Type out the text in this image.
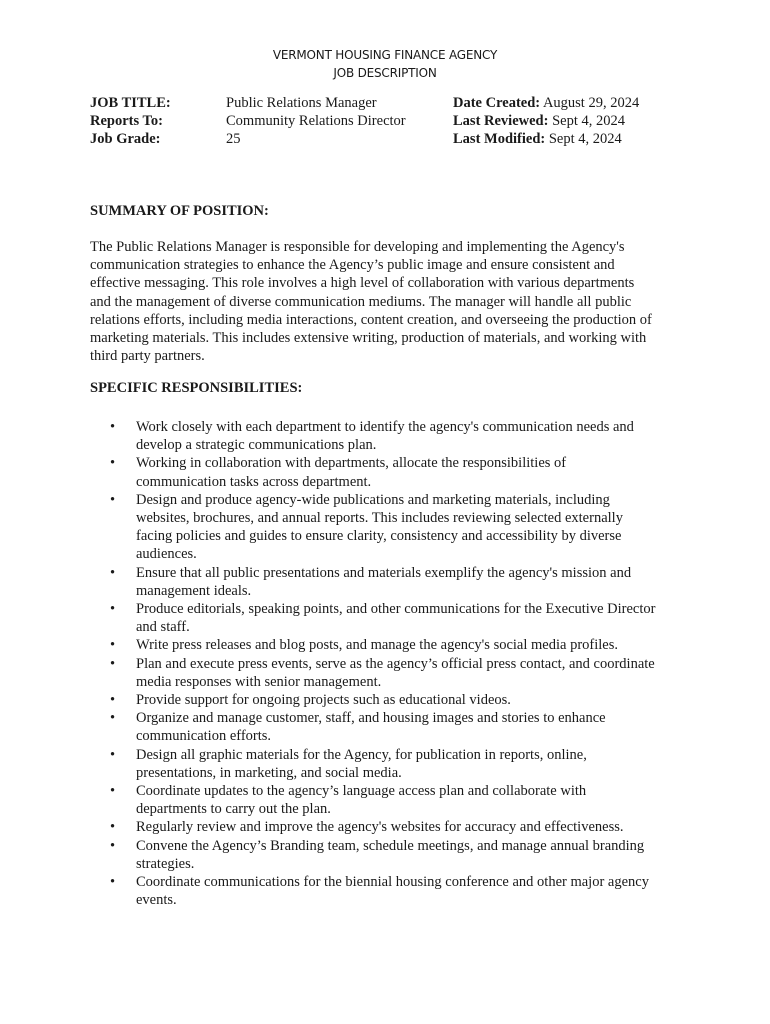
VERMONT HOUSING FINANCE AGENCY
JOB DESCRIPTION
JOB TITLE:	Public Relations Manager	Date Created: August 29, 2024
Reports To:	Community Relations Director	Last Reviewed: Sept 4, 2024
Job Grade:	25	Last Modified: Sept 4, 2024
SUMMARY OF POSITION:
The Public Relations Manager is responsible for developing and implementing the Agency's
communication strategies to enhance the Agency’s public image and ensure consistent and
effective messaging. This role involves a high level of collaboration with various departments
and the management of diverse communication mediums. The manager will handle all public
relations efforts, including media interactions, content creation, and overseeing the production of
marketing materials. This includes extensive writing, production of materials, and working with
third party partners.
SPECIFIC RESPONSIBILITIES:
• Work closely with each department to identify the agency's communication needs and
develop a strategic communications plan.
• Working in collaboration with departments, allocate the responsibilities of
communication tasks across department.
• Design and produce agency-wide publications and marketing materials, including
websites, brochures, and annual reports. This includes reviewing selected externally
facing policies and guides to ensure clarity, consistency and accessibility by diverse
audiences.
• Ensure that all public presentations and materials exemplify the agency's mission and
management ideals.
• Produce editorials, speaking points, and other communications for the Executive Director
and staff.
• Write press releases and blog posts, and manage the agency's social media profiles.
• Plan and execute press events, serve as the agency’s official press contact, and coordinate
media responses with senior management.
• Provide support for ongoing projects such as educational videos.
• Organize and manage customer, staff, and housing images and stories to enhance
communication efforts.
• Design all graphic materials for the Agency, for publication in reports, online,
presentations, in marketing, and social media.
• Coordinate updates to the agency’s language access plan and collaborate with
departments to carry out the plan.
• Regularly review and improve the agency's websites for accuracy and effectiveness.
• Convene the Agency’s Branding team, schedule meetings, and manage annual branding
strategies.
• Coordinate communications for the biennial housing conference and other major agency
events.
